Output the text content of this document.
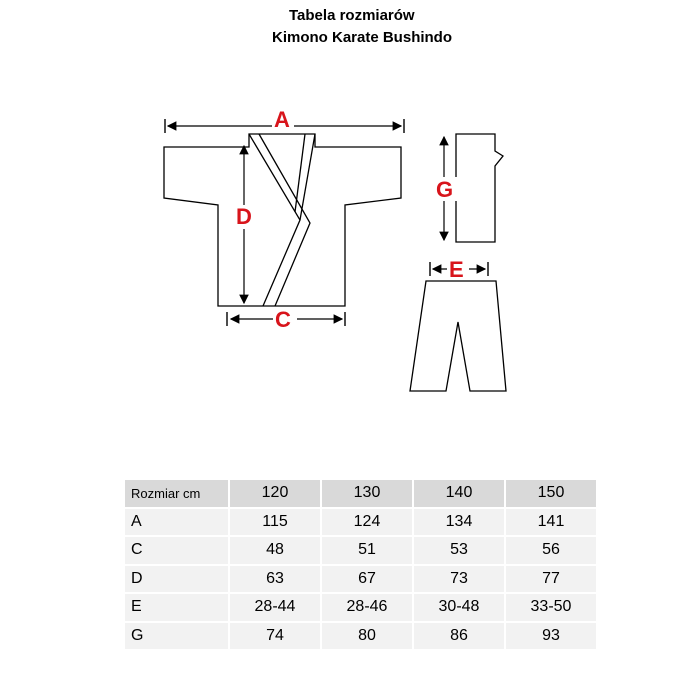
Tabela rozmiarów
Kimono Karate Bushindo
A
D
C
G
E
Rozmiar cm	120	130	140	150
A	115	124	134	141
C	48	51	53	56
D	63	67	73	77
E	28-44	28-46	30-48	33-50
G	74	80	86	93
